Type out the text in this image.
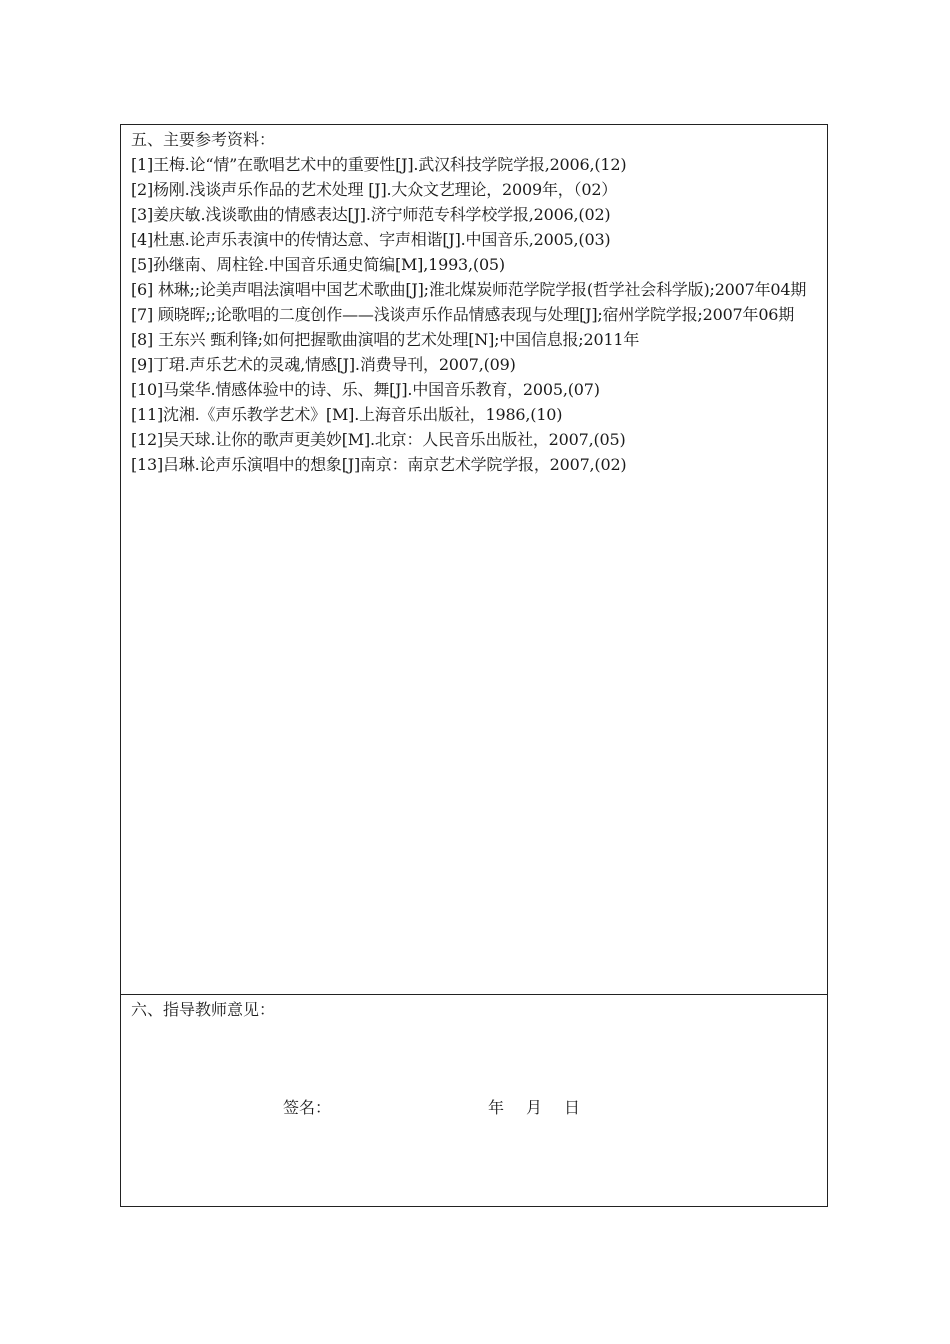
五、主要参考资料：
[1]王梅.论“情”在歌唱艺术中的重要性[J].武汉科技学院学报,2006,(12)
[2]杨刚.浅谈声乐作品的艺术处理 [J].大众文艺理论，2009年，（02）
[3]姜庆敏.浅谈歌曲的情感表达[J].济宁师范专科学校学报,2006,(02)
[4]杜惠.论声乐表演中的传情达意、字声相谐[J].中国音乐,2005,(03)
[5]孙继南、周柱铨.中国音乐通史简编[M],1993,(05)
[6] 林琳;;论美声唱法演唱中国艺术歌曲[J];淮北煤炭师范学院学报(哲学社会科学版);2007年04期
[7] 顾晓晖;;论歌唱的二度创作——浅谈声乐作品情感表现与处理[J];宿州学院学报;2007年06期
[8] 王东兴 甄利锋;如何把握歌曲演唱的艺术处理[N];中国信息报;2011年
[9]丁珺.声乐艺术的灵魂,情感[J].消费导刊，2007,(09)
[10]马棠华.情感体验中的诗、乐、舞[J].中国音乐教育，2005,(07)
[11]沈湘.《声乐教学艺术》[M].上海音乐出版社，1986,(10)
[12]吴天球.让你的歌声更美妙[M].北京：人民音乐出版社，2007,(05)
[13]吕琳.论声乐演唱中的想象[J]南京：南京艺术学院学报，2007,(02)
六、指导教师意见：
签名：	年 月 日
